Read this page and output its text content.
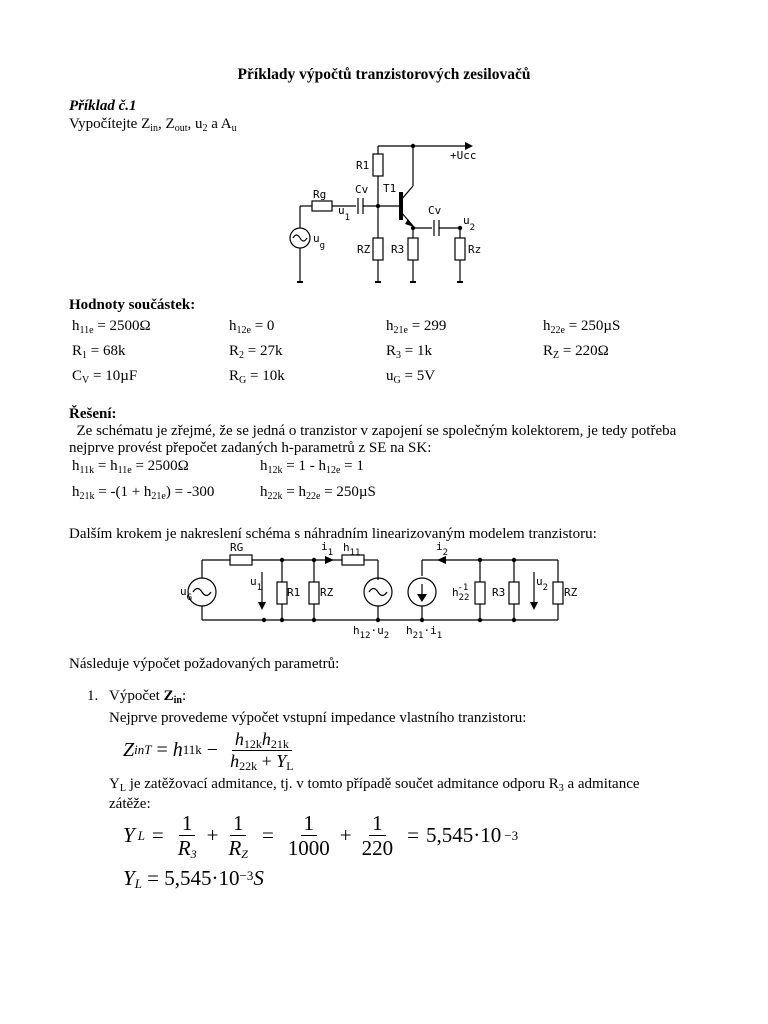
Příklady výpočtů tranzistorových zesilovačů
Příklad č.1
Vypočítejte $Z_{in}$, $Z_{out}$, $u_2$ a $A_u$
R1
+Ucc
T1
Cv
Cv
Rg
$u_1$	$u_2$
$u_g$	RZ R3	Rz
Hodnoty součástek:
$h_{11e} = 2500\Omega$	$h_{12e} = 0$	$h_{21e} = 299$	$h_{22e} = 250\mu S$
$R_1 = 68k$	$R_2 = 27k$	$R_3 = 1k$	$R_Z = 220\Omega$
$C_V = 10\mu F$	$R_G = 10k$	$u_G = 5V$
Řešení:
Ze schématu je zřejmé, že se jedná o tranzistor v zapojení se společným kolektorem, je tedy potřeba
nejprve provést přepočet zadaných h-parametrů z SE na SK:
$h_{11k} = h_{11e} = 2500\Omega$	$h_{12k} = 1 - h_{12e} = 1$
$h_{21k} = -(1 + h_{21e}) = -300$	$h_{22k} = h_{22e} = 250\mu S$
Dalším krokem je nakreslení schéma s náhradním linearizovaným modelem tranzistoru:
RG	$i_1$ $h_{11}$	$i_2$
$u_G$
$u_1$ R1 RZ	$h_{22}-1$ R3
$u_2$ RZ
$h_{12}\cdot u_2$ $h_{21}\cdot i_1$
Následuje výpočet požadovaných parametrů:
1. Výpočet $Z_{in}$:
Nejprve provedeme výpočet vstupní impedance vlastního tranzistoru:
Z inT = h $11k - \frac{h_{12k}h_{21k}}{h_{22k} + Y_L}$
$Y_L$ je zatěžovací admitance, tj. v tomto případě součet admitance odporu $R_3$ a admitance
zátěže:
Y $L = \frac{1}{R_3} + \frac{1}{R_Z} = \frac{1}{1000} + \frac{1}{220} = 5,545\cdot 10 -3$
$Y_L = 5,545\cdot 10^{-3}S$
